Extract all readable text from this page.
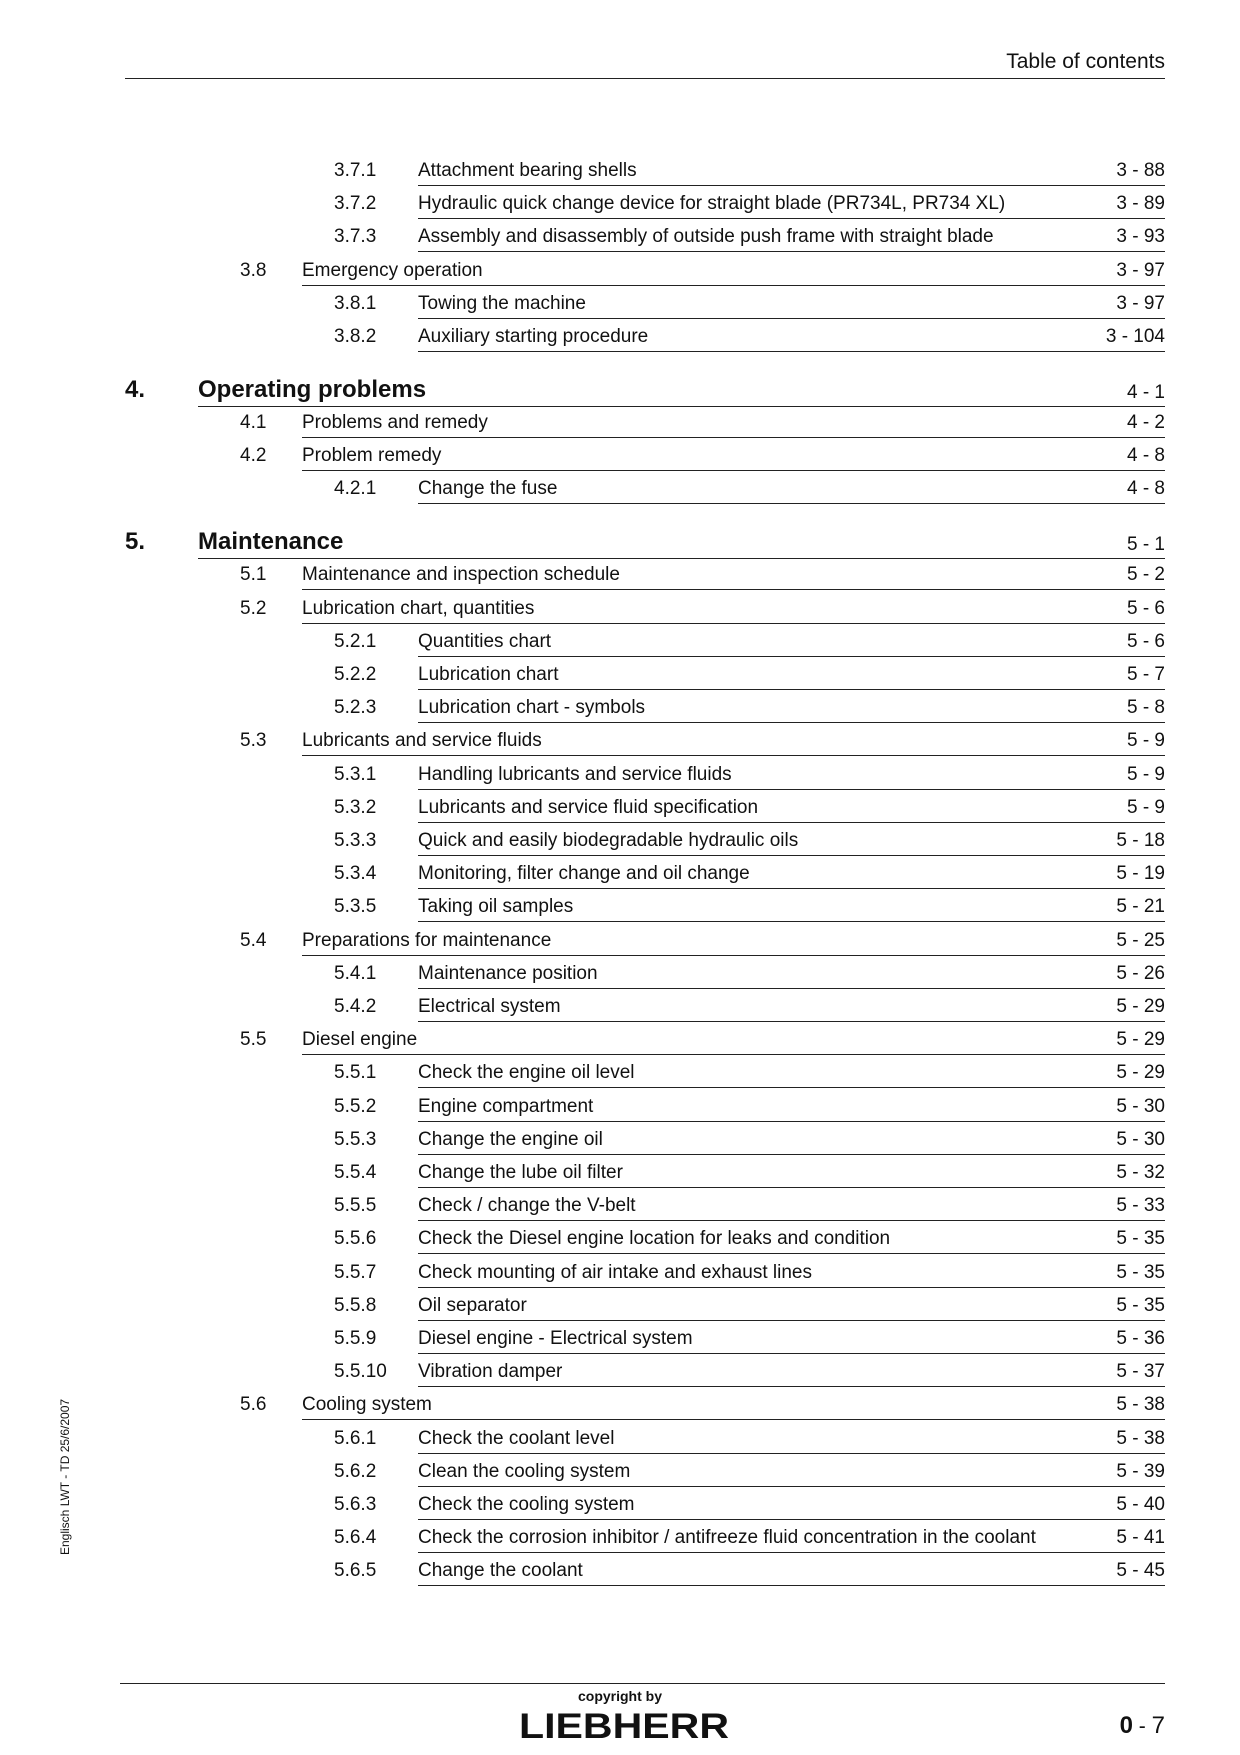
Table of contents
3.7.1 Attachment bearing shells	3 - 88
3.7.2 Hydraulic quick change device for straight blade (PR734L, PR734 XL)	3 - 89
3.7.3 Assembly and disassembly of outside push frame with straight blade	3 - 93
3.8 Emergency operation	3 - 97
3.8.1 Towing the machine	3 - 97
3.8.2 Auxiliary starting procedure	3 - 104
4. Operating problems	4 - 1
4.1 Problems and remedy	4 - 2
4.2 Problem remedy	4 - 8
4.2.1 Change the fuse	4 - 8
5. Maintenance	5 - 1
5.1 Maintenance and inspection schedule	5 - 2
5.2 Lubrication chart, quantities	5 - 6
5.2.1 Quantities chart	5 - 6
5.2.2 Lubrication chart	5 - 7
5.2.3 Lubrication chart - symbols	5 - 8
5.3 Lubricants and service fluids	5 - 9
5.3.1 Handling lubricants and service fluids	5 - 9
5.3.2 Lubricants and service fluid specification	5 - 9
5.3.3 Quick and easily biodegradable hydraulic oils	5 - 18
5.3.4 Monitoring, filter change and oil change	5 - 19
5.3.5 Taking oil samples	5 - 21
5.4 Preparations for maintenance	5 - 25
5.4.1 Maintenance position	5 - 26
5.4.2 Electrical system	5 - 29
5.5 Diesel engine	5 - 29
5.5.1 Check the engine oil level	5 - 29
5.5.2 Engine compartment	5 - 30
5.5.3 Change the engine oil	5 - 30
5.5.4 Change the lube oil filter	5 - 32
5.5.5 Check / change the V-belt	5 - 33
5.5.6 Check the Diesel engine location for leaks and condition	5 - 35
5.5.7 Check mounting of air intake and exhaust lines	5 - 35
5.5.8 Oil separator	5 - 35
5.5.9 Diesel engine - Electrical system	5 - 36
5.5.10 Vibration damper	5 - 37
5.6 Cooling system	5 - 38
5.6.1 Check the coolant level	5 - 38
5.6.2 Clean the cooling system	5 - 39
5.6.3 Check the cooling system	5 - 40
5.6.4 Check the corrosion inhibitor / antifreeze fluid concentration in the coolant	5 - 41
5.6.5 Change the coolant	5 - 45
Englisch LWT - TD 25/6/2007
copyright by
LIEBHERR	0 - 7
